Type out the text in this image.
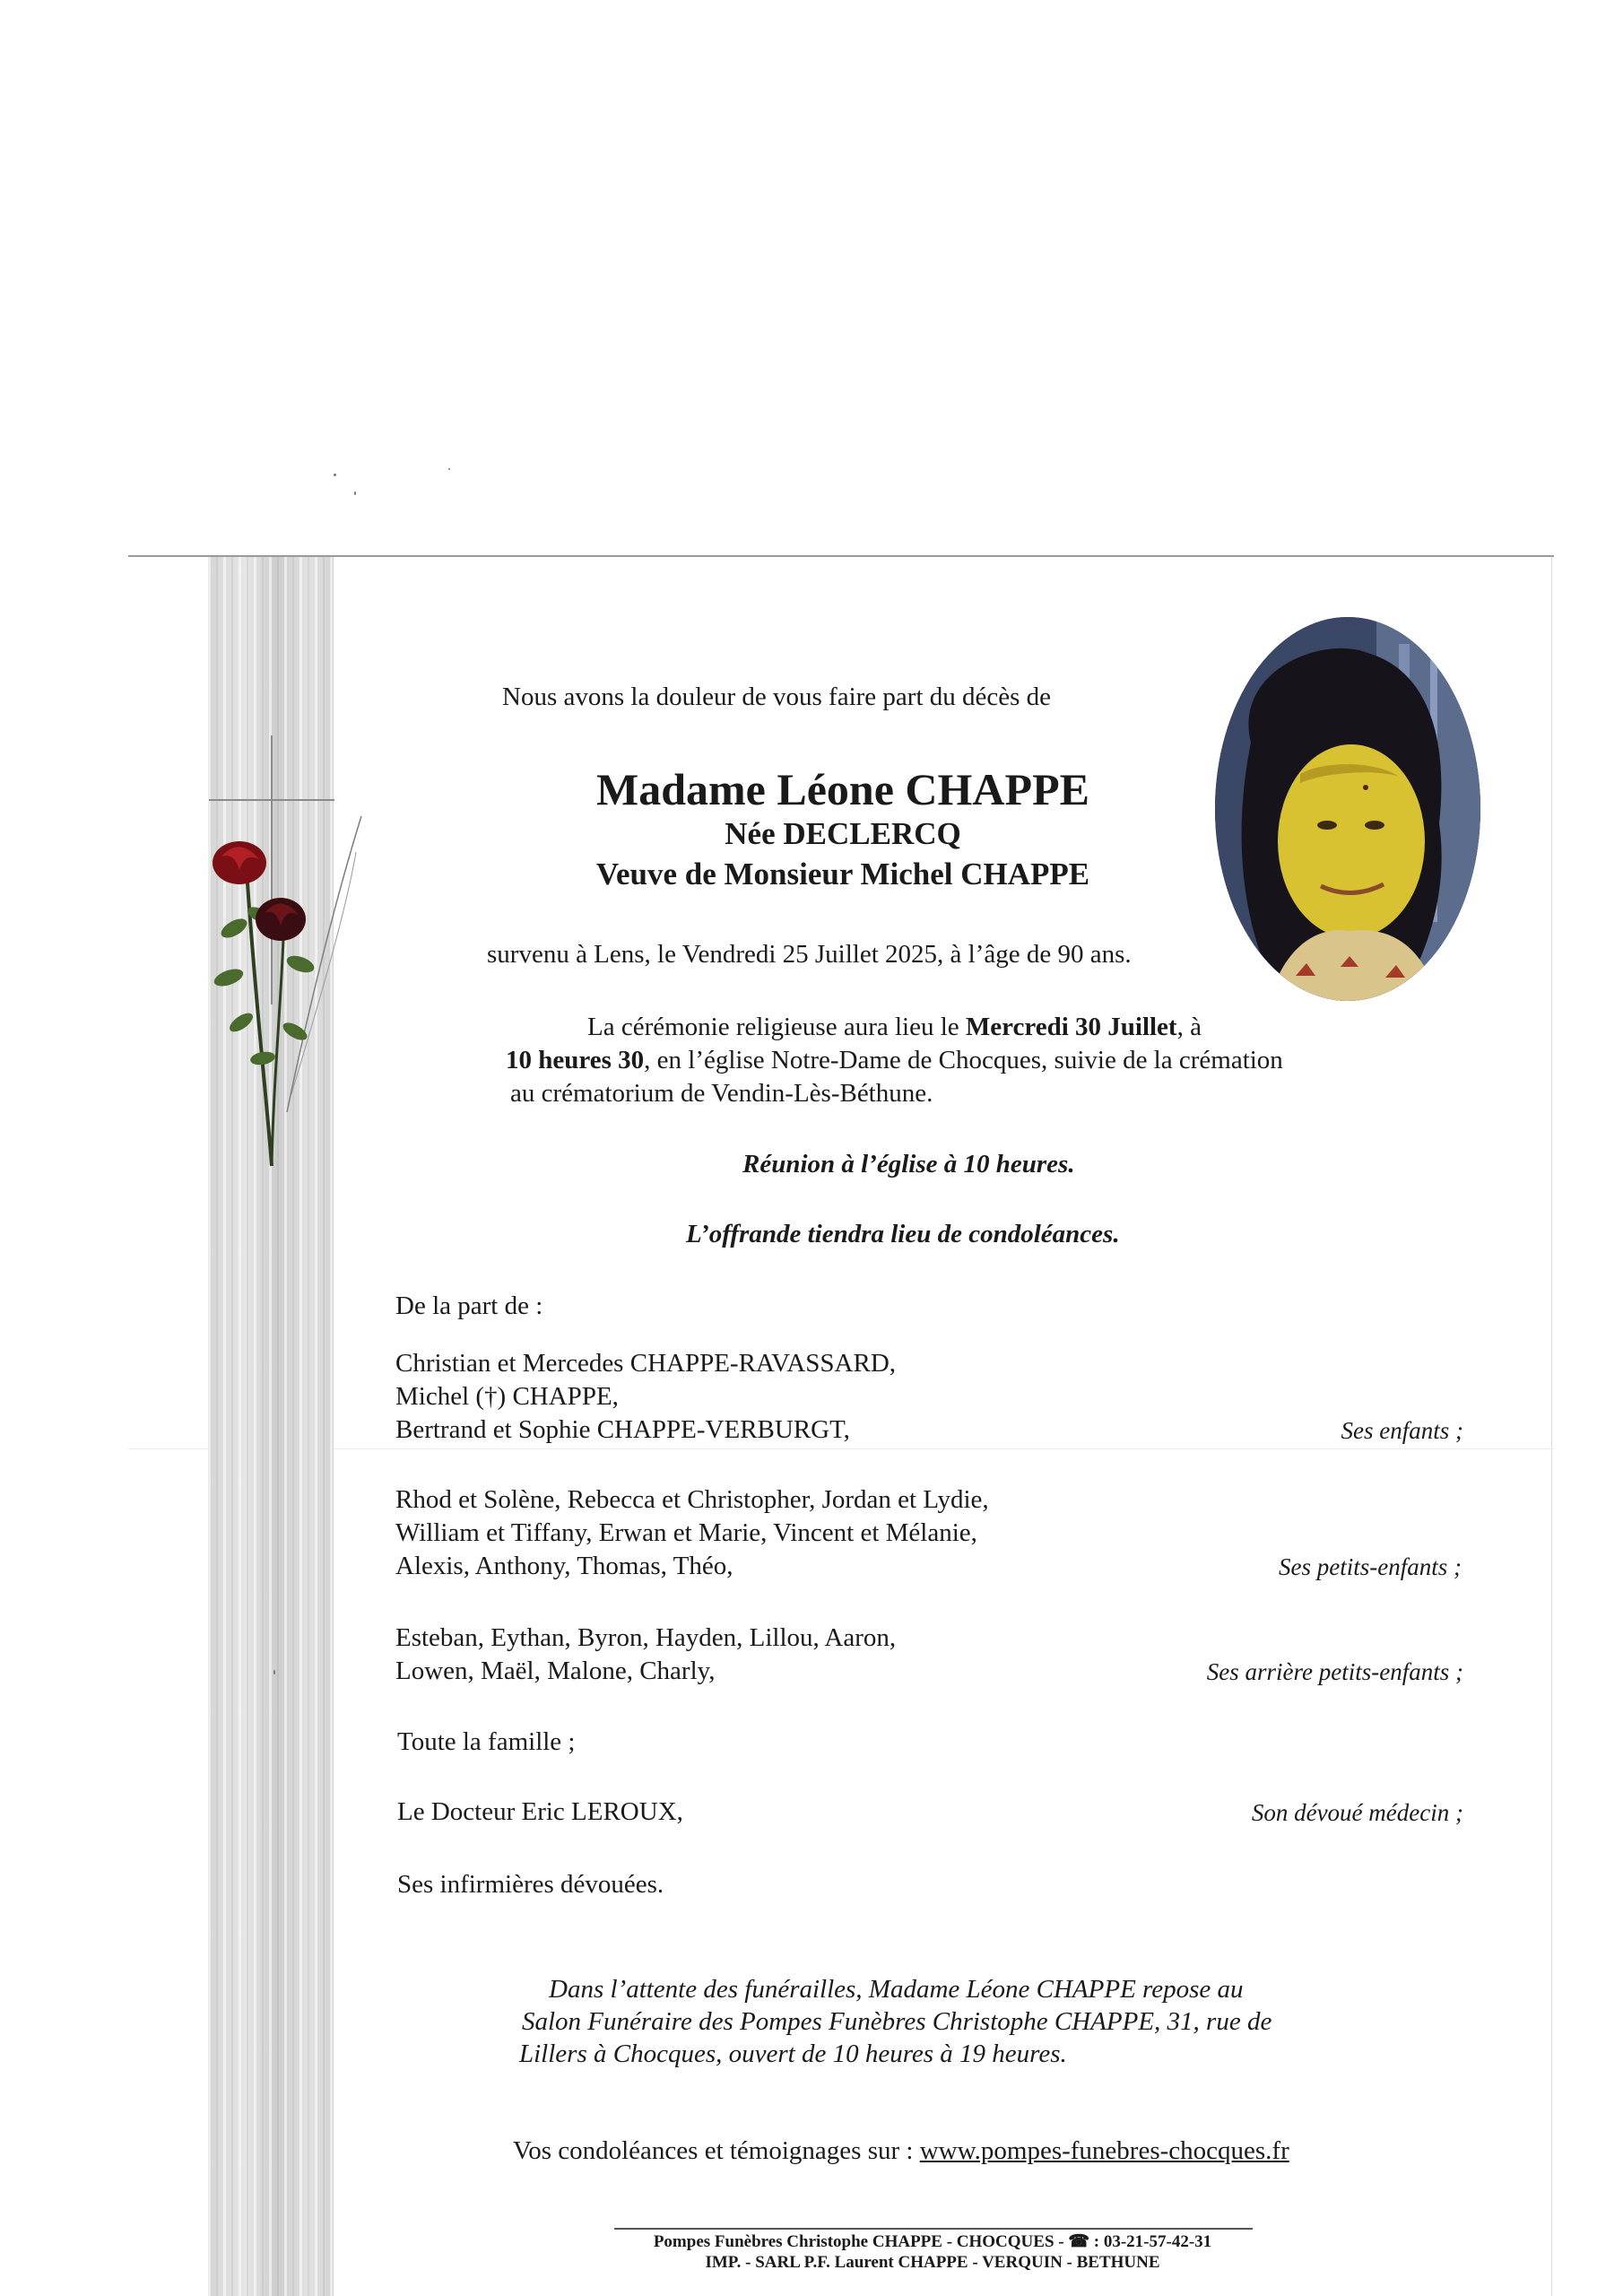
Nous avons la douleur de vous faire part du décès de
Madame Léone CHAPPE
Née DECLERCQ
Veuve de Monsieur Michel CHAPPE
survenu à Lens, le Vendredi 25 Juillet 2025, à l’âge de 90 ans.
La cérémonie religieuse aura lieu le Mercredi 30 Juillet, à
10 heures 30, en l’église Notre-Dame de Chocques, suivie de la crémation
au crématorium de Vendin-Lès-Béthune.
Réunion à l’église à 10 heures.
L’offrande tiendra lieu de condoléances.
De la part de :
Christian et Mercedes CHAPPE-RAVASSARD,
Michel (†) CHAPPE,
Bertrand et Sophie CHAPPE-VERBURGT,	Ses enfants ;
Rhod et Solène, Rebecca et Christopher, Jordan et Lydie,
William et Tiffany, Erwan et Marie, Vincent et Mélanie,
Alexis, Anthony, Thomas, Théo,	Ses petits-enfants ;
Esteban, Eythan, Byron, Hayden, Lillou, Aaron,
Lowen, Maël, Malone, Charly,	Ses arrière petits-enfants ;
Toute la famille ;
Le Docteur Eric LEROUX,	Son dévoué médecin ;
Ses infirmières dévouées.
Dans l’attente des funérailles, Madame Léone CHAPPE repose au
Salon Funéraire des Pompes Funèbres Christophe CHAPPE, 31, rue de
Lillers à Chocques, ouvert de 10 heures à 19 heures.
Vos condoléances et témoignages sur : www.pompes-funebres-chocques.fr
Pompes Funèbres Christophe CHAPPE - CHOCQUES - ☎ : 03-21-57-42-31
IMP. - SARL P.F. Laurent CHAPPE - VERQUIN - BETHUNE
